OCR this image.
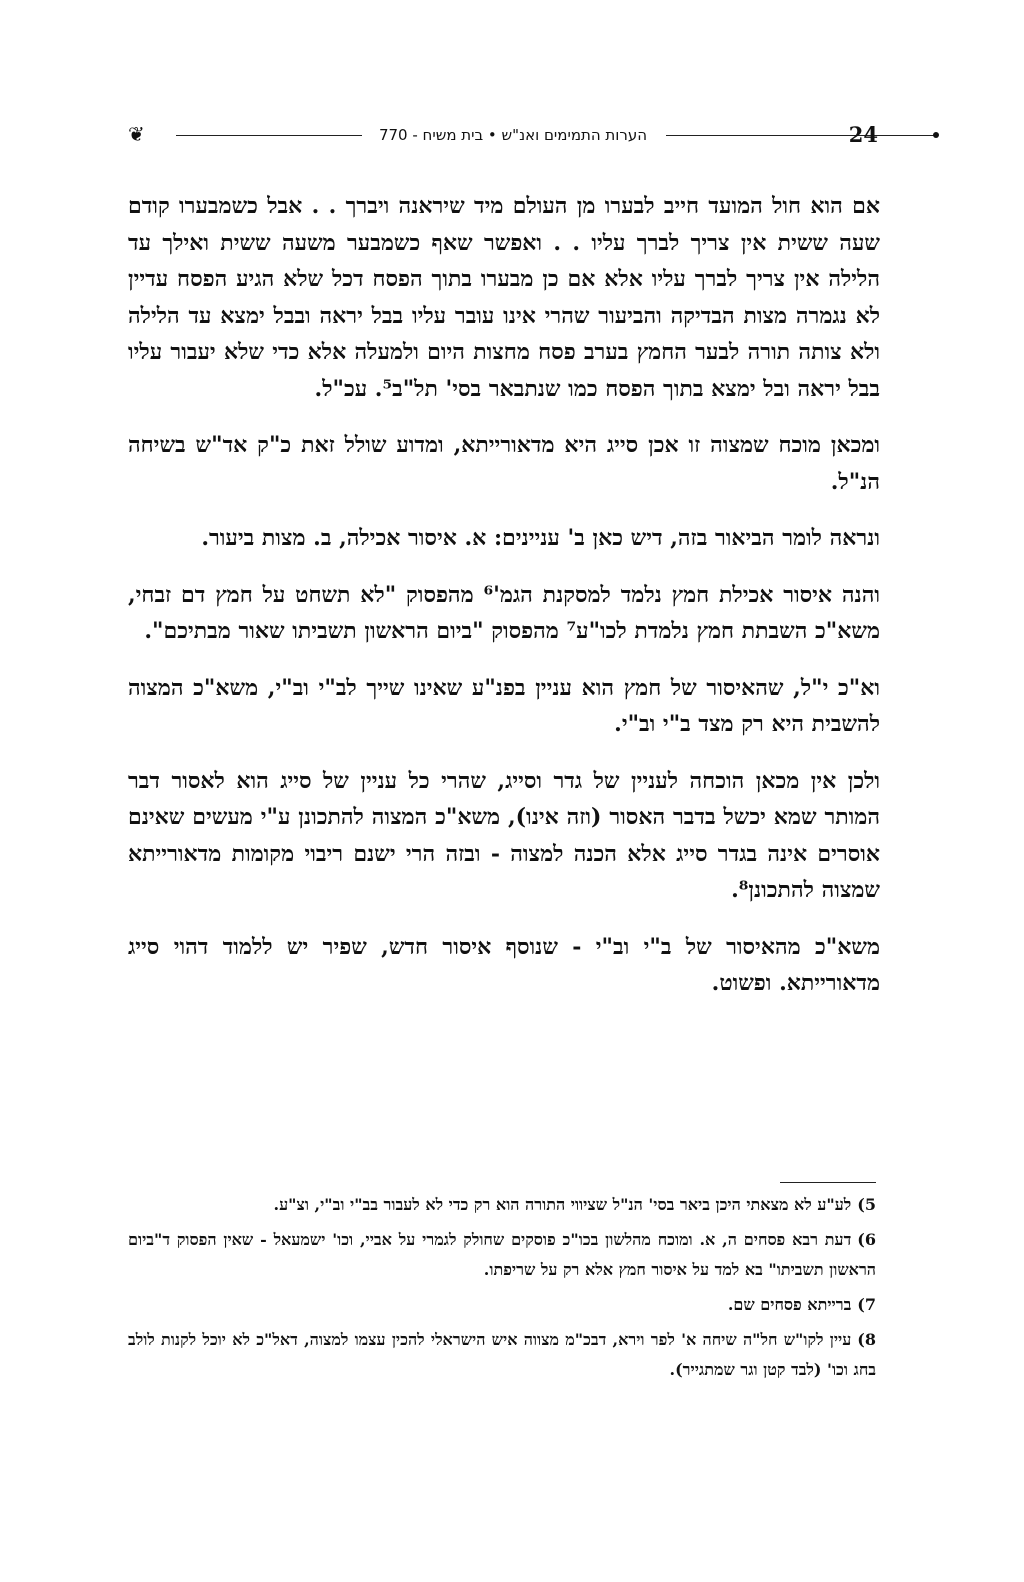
❦	הערות התמימים ואנ"ש • בית משיח - 770	24

אם הוא חול המועד חייב לבערו מן העולם מיד שיראנה ויברך . . אבל כשמבערו קודם שעה ששית אין צריך לברך עליו . . ואפשר שאף כשמבער משעה ששית ואילך עד הלילה אין צריך לברך עליו אלא אם כן מבערו בתוך הפסח דכל שלא הגיע הפסח עדיין לא נגמרה מצות הבדיקה והביעור שהרי אינו עובר עליו בבל יראה ובבל ימצא עד הלילה ולא צותה תורה לבער החמץ בערב פסח מחצות היום ולמעלה אלא כדי שלא יעבור עליו בבל יראה ובל ימצא בתוך הפסח כמו שנתבאר בסי' תל"ב⁵. עכ"ל.

ומכאן מוכח שמצוה זו אכן סייג היא מדאורייתא, ומדוע שולל זאת כ"ק אד"ש בשיחה הנ"ל.

ונראה לומר הביאור בזה, דיש כאן ב' עניינים: א. איסור אכילה, ב. מצות ביעור.

והנה איסור אכילת חמץ נלמד למסקנת הגמ'⁶ מהפסוק "לא תשחט על חמץ דם זבחי, משא"כ השבתת חמץ נלמדת לכו"ע⁷ מהפסוק "ביום הראשון תשביתו שאור מבתיכם".

וא"כ י"ל, שהאיסור של חמץ הוא עניין בפנ"ע שאינו שייך לב"י וב"י, משא"כ המצוה להשבית היא רק מצד ב"י וב"י.

ולכן אין מכאן הוכחה לעניין של גדר וסייג, שהרי כל עניין של סייג הוא לאסור דבר המותר שמא יכשל בדבר האסור (וזה אינו), משא"כ המצוה להתכונן ע"י מעשים שאינם אוסרים אינה בגדר סייג אלא הכנה למצוה - ובזה הרי ישנם ריבוי מקומות מדאורייתא שמצוה להתכונן⁸.

משא"כ מהאיסור של ב"י וב"י - שנוסף איסור חדש, שפיר יש ללמוד דהוי סייג מדאורייתא. ופשוט.

5)לע"ע לא מצאתי היכן ביאר בסי' הנ"ל שציווי התורה הוא רק כדי לא לעבור בב"י וב"י, וצ"ע.

6)דעת רבא פסחים ה, א. ומוכח מהלשון בכו"כ פוסקים שחולק לגמרי על אביי, וכו' ישמעאל - שאין הפסוק ד"ביום הראשון תשביתו" בא למד על איסור חמץ אלא רק על שריפתו.

7)ברייתא פסחים שם.

8)עיין לקו"ש חל"ה שיחה א' לפר וירא, דבכ"מ מצווה איש הישראלי להכין עצמו למצוה, דאל"כ לא יוכל לקנות לולב בחג וכו' (לבד קטן וגר שמתגייר).
